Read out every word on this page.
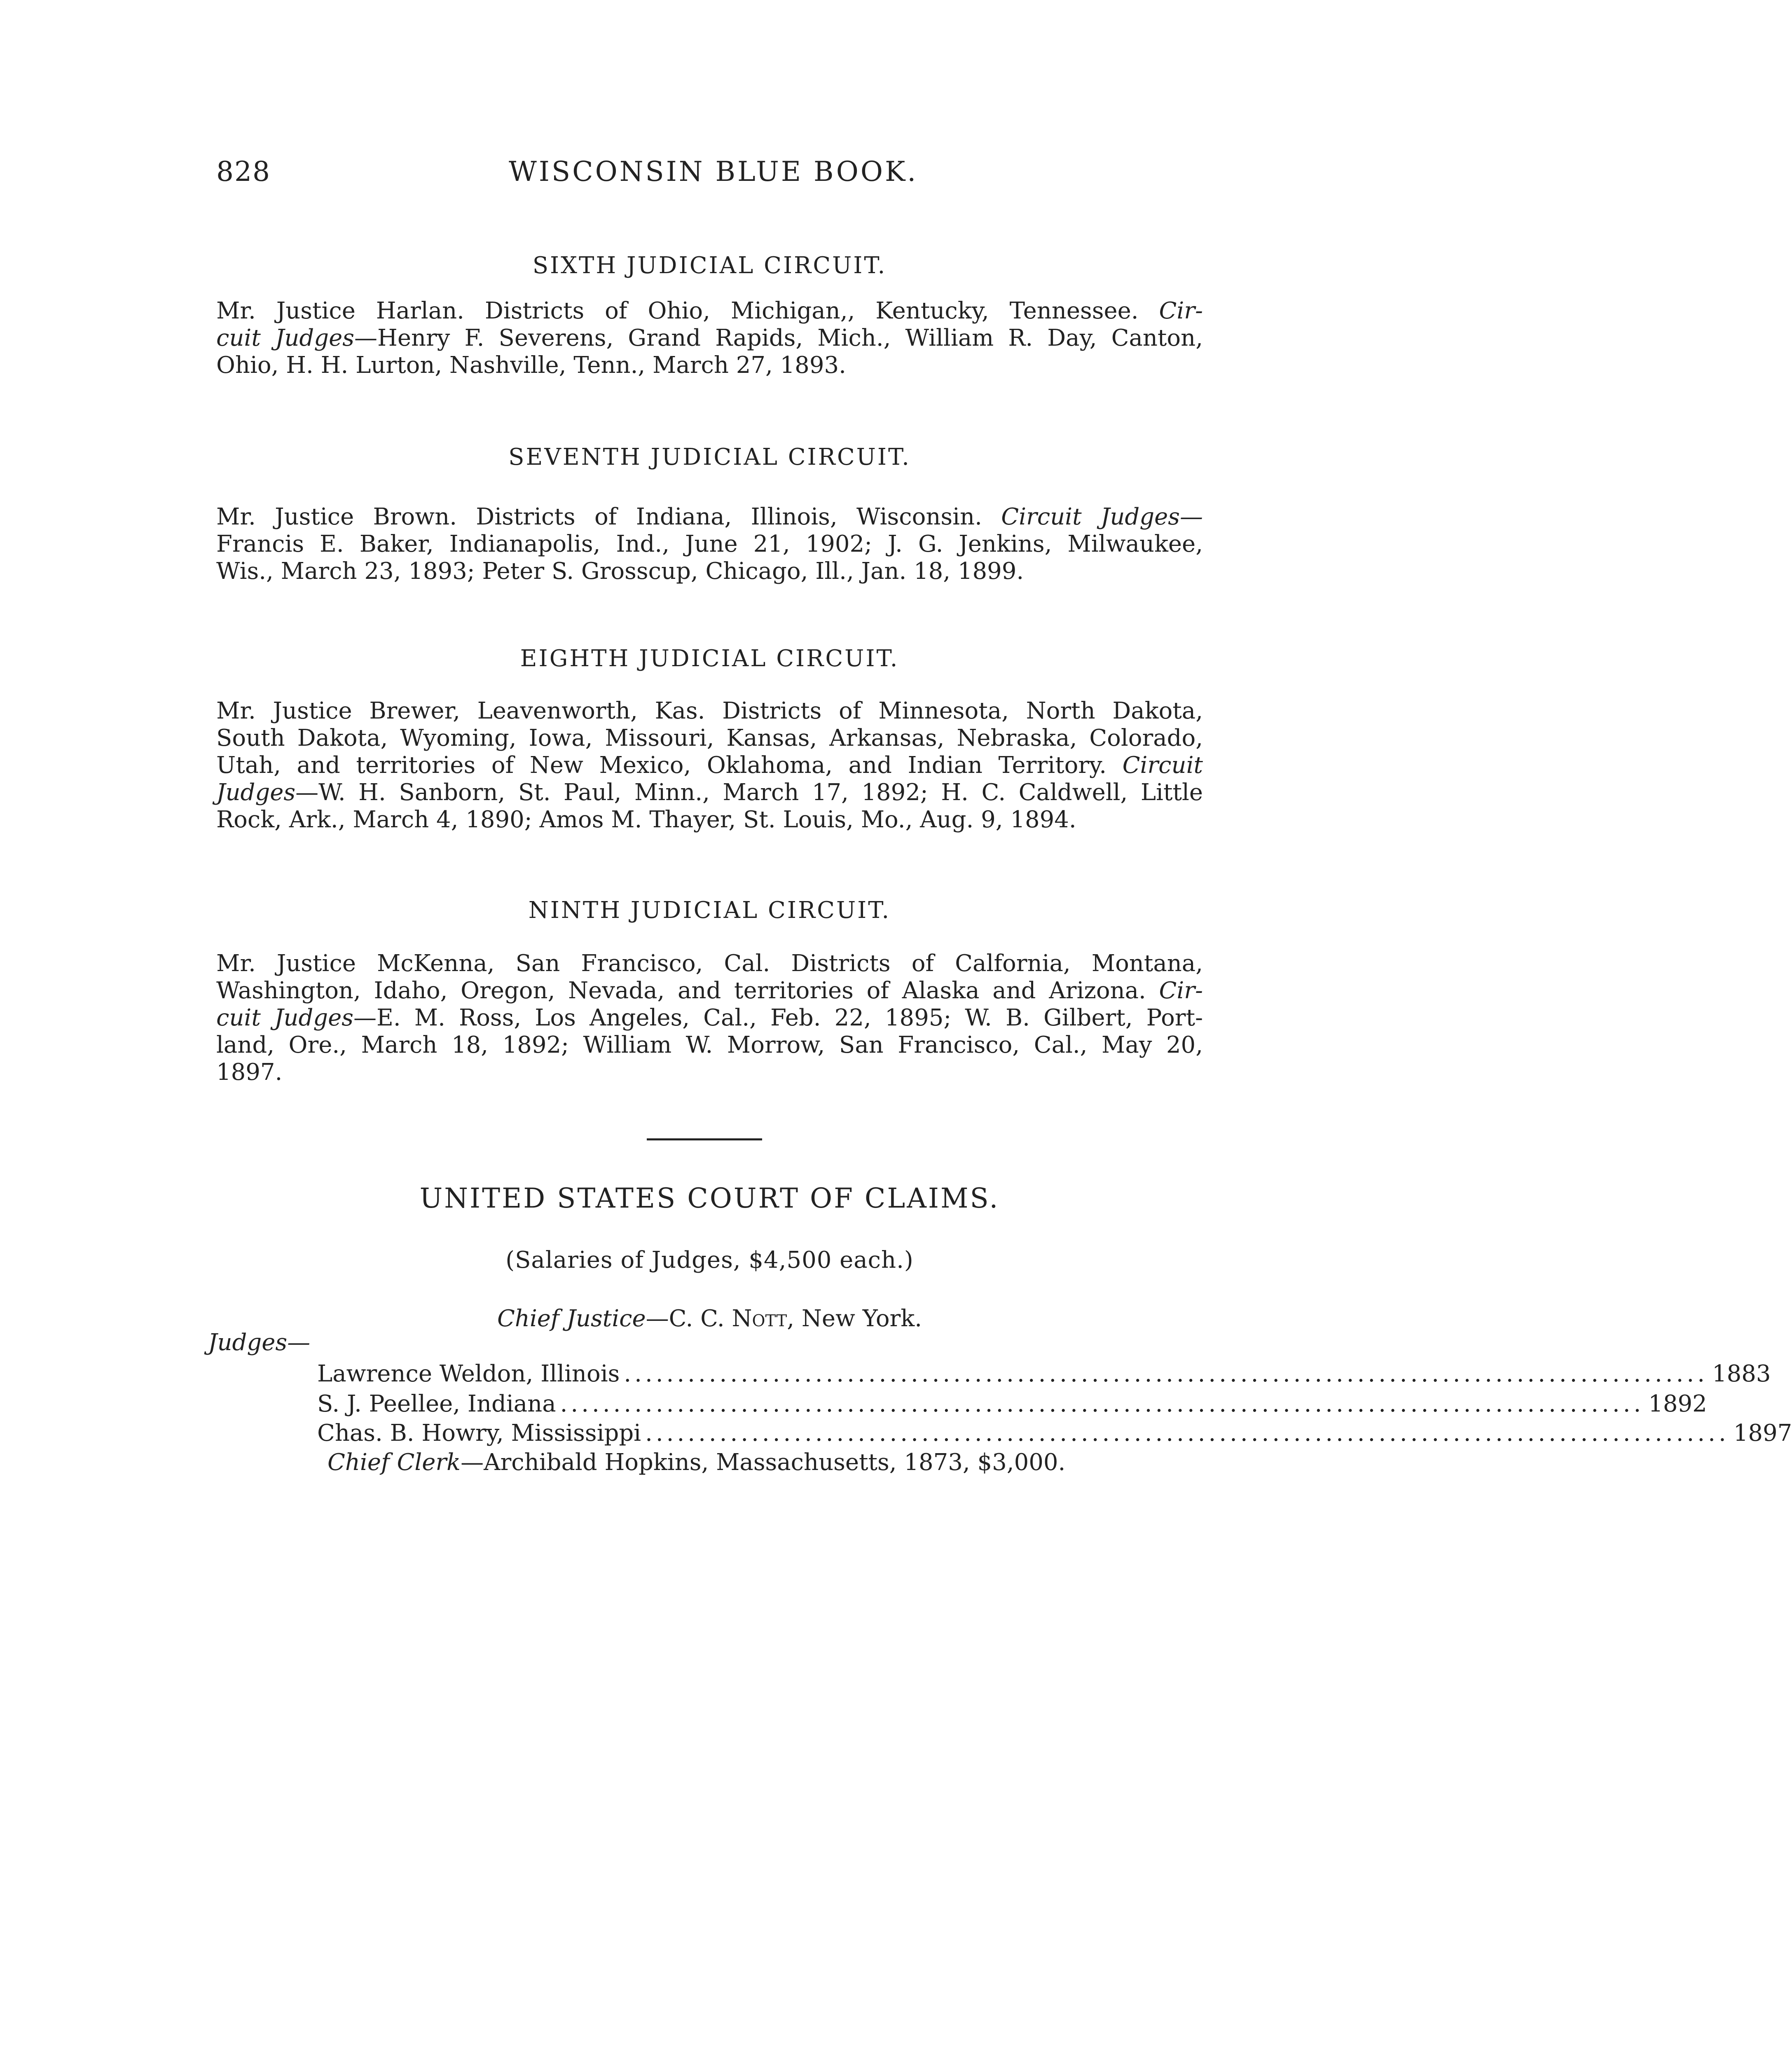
828	WISCONSIN BLUE BOOK.
SIXTH JUDICIAL CIRCUIT.
Mr. Justice Harlan. Districts of Ohio, Michigan,, Kentucky, Tennessee. Cir-
cuit Judges—Henry F. Severens, Grand Rapids, Mich., William R. Day, Canton,
Ohio, H. H. Lurton, Nashville, Tenn., March 27, 1893.
SEVENTH JUDICIAL CIRCUIT.
Mr. Justice Brown. Districts of Indiana, Illinois, Wisconsin. Circuit Judges—
Francis E. Baker, Indianapolis, Ind., June 21, 1902; J. G. Jenkins, Milwaukee,
Wis., March 23, 1893; Peter S. Grosscup, Chicago, Ill., Jan. 18, 1899.
EIGHTH JUDICIAL CIRCUIT.
Mr. Justice Brewer, Leavenworth, Kas. Districts of Minnesota, North Dakota,
South Dakota, Wyoming, Iowa, Missouri, Kansas, Arkansas, Nebraska, Colorado,
Utah, and territories of New Mexico, Oklahoma, and Indian Territory. Circuit
Judges—W. H. Sanborn, St. Paul, Minn., March 17, 1892; H. C. Caldwell, Little
Rock, Ark., March 4, 1890; Amos M. Thayer, St. Louis, Mo., Aug. 9, 1894.
NINTH JUDICIAL CIRCUIT.
Mr. Justice McKenna, San Francisco, Cal. Districts of Calfornia, Montana,
Washington, Idaho, Oregon, Nevada, and territories of Alaska and Arizona. Cir-
cuit Judges—E. M. Ross, Los Angeles, Cal., Feb. 22, 1895; W. B. Gilbert, Port-
land, Ore., March 18, 1892; William W. Morrow, San Francisco, Cal., May 20,
1897.
UNITED STATES COURT OF CLAIMS.
(Salaries of Judges, $4,500 each.)
Chief Justice—C. C. Nott, New York.
Judges—
Lawrence Weldon, Illinois ...................................................................................................... 1883
S. J. Peellee, Indiana ...................................................................................................... 1892
Chas. B. Howry, Mississippi ...................................................................................................... 1897
Chief Clerk—Archibald Hopkins, Massachusetts, 1873, $3,000.
